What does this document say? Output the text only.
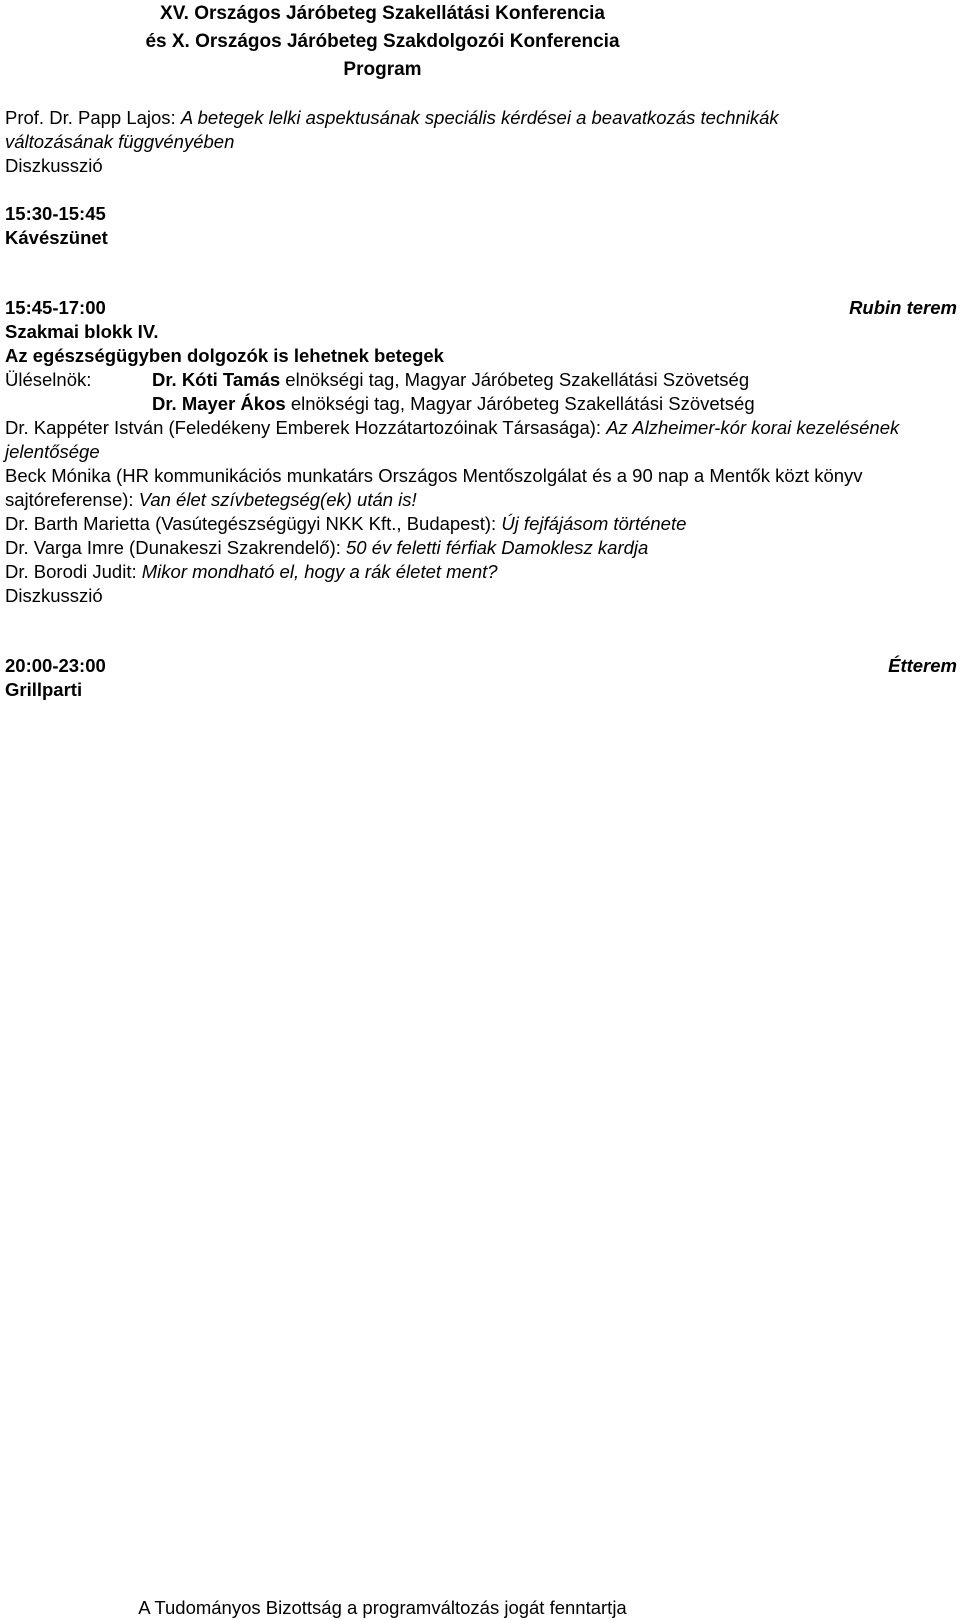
XV. Országos Járóbeteg Szakellátási Konferencia
és X. Országos Járóbeteg Szakdolgozói Konferencia
Program
Prof. Dr. Papp Lajos: A betegek lelki aspektusának speciális kérdései a beavatkozás technikák
változásának függvényében
Diszkusszió
15:30-15:45
Kávészünet
15:45-17:00	Rubin terem
Szakmai blokk IV.
Az egészségügyben dolgozók is lehetnek betegek
Üléselnök:	Dr. Kóti Tamás elnökségi tag, Magyar Járóbeteg Szakellátási Szövetség
Dr. Mayer Ákos elnökségi tag, Magyar Járóbeteg Szakellátási Szövetség
Dr. Kappéter István (Feledékeny Emberek Hozzátartozóinak Társasága): Az Alzheimer-kór korai kezelésének jelentősége
Beck Mónika (HR kommunikációs munkatárs Országos Mentőszolgálat és a 90 nap a Mentők közt könyv sajtóreferense): Van élet szívbetegség(ek) után is!
Dr. Barth Marietta (Vasútegészségügyi NKK Kft., Budapest): Új fejfájásom története
Dr. Varga Imre (Dunakeszi Szakrendelő): 50 év feletti férfiak Damoklesz kardja
Dr. Borodi Judit: Mikor mondható el, hogy a rák életet ment?
Diszkusszió
20:00-23:00	Étterem
Grillparti
A Tudományos Bizottság a programváltozás jogát fenntartja
